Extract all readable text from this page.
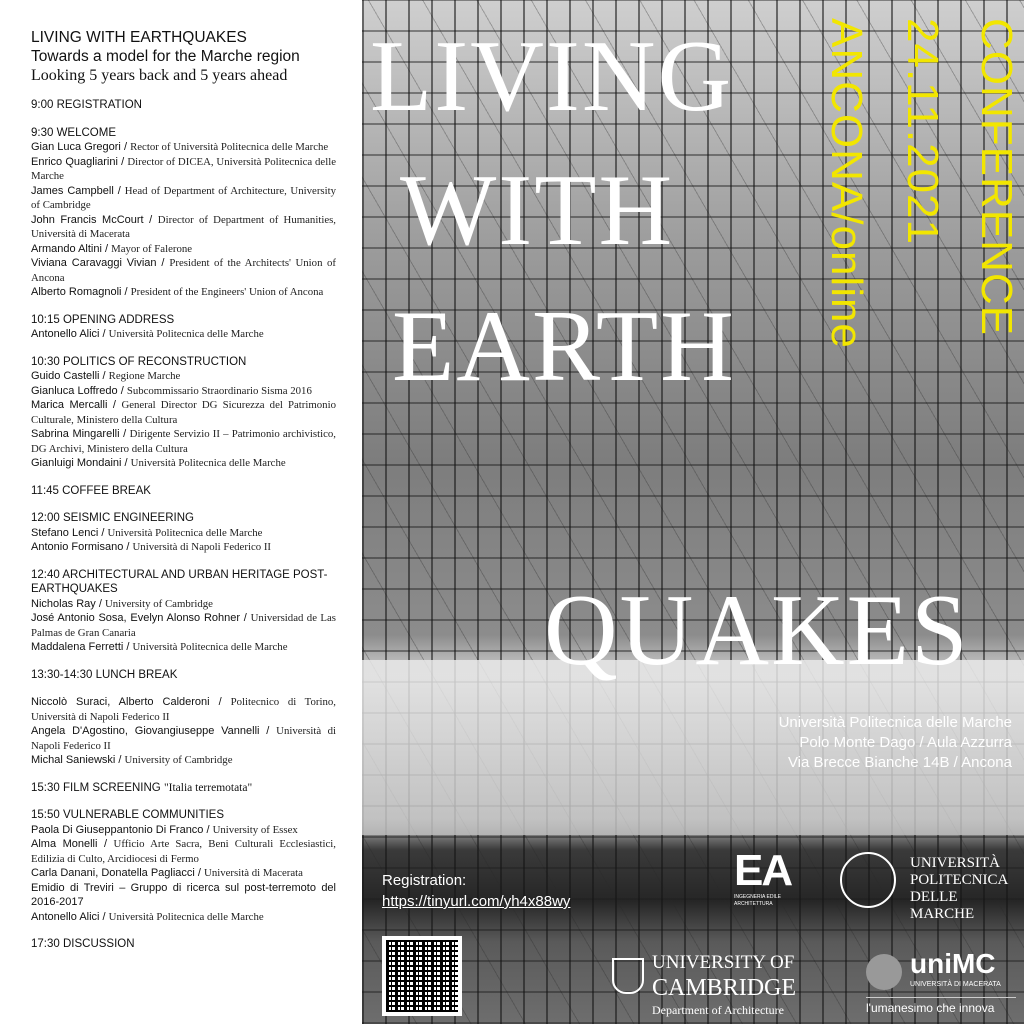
LIVING WITH EARTHQUAKES
Towards a model for the Marche region
Looking 5 years back and 5 years ahead
9:00 REGISTRATION
9:30 WELCOME
Gian Luca Gregori / Rector of Università Politecnica delle Marche
Enrico Quagliarini / Director of DICEA, Università Politecnica delle Marche
James Campbell / Head of Department of Architecture, University of Cambridge
John Francis McCourt / Director of Department of Humanities, Università di Macerata
Armando Altini / Mayor of Falerone
Viviana Caravaggi Vivian / President of the Architects' Union of Ancona
Alberto Romagnoli / President of the Engineers' Union of Ancona
10:15 OPENING ADDRESS
Antonello Alici / Università Politecnica delle Marche
10:30 POLITICS OF RECONSTRUCTION
Guido Castelli / Regione Marche
Gianluca Loffredo / Subcommissario Straordinario Sisma 2016
Marica Mercalli / General Director DG Sicurezza del Patrimonio Culturale, Ministero della Cultura
Sabrina Mingarelli / Dirigente Servizio II – Patrimonio archivistico, DG Archivi, Ministero della Cultura
Gianluigi Mondaini / Università Politecnica delle Marche
11:45 COFFEE BREAK
12:00 SEISMIC ENGINEERING
Stefano Lenci / Università Politecnica delle Marche
Antonio Formisano / Università di Napoli Federico II
12:40 ARCHITECTURAL AND URBAN HERITAGE POST-EARTHQUAKES
Nicholas Ray / University of Cambridge
José Antonio Sosa, Evelyn Alonso Rohner / Universidad de Las Palmas de Gran Canaria
Maddalena Ferretti / Università Politecnica delle Marche
13:30-14:30 LUNCH BREAK
Niccolò Suraci, Alberto Calderoni / Politecnico di Torino, Università di Napoli Federico II
Angela D'Agostino, Giovangiuseppe Vannelli / Università di Napoli Federico II
Michal Saniewski / University of Cambridge
15:30 FILM SCREENING "Italia terremotata"
15:50 VULNERABLE COMMUNITIES
Paola Di Giuseppantonio Di Franco / University of Essex
Alma Monelli / Ufficio Arte Sacra, Beni Culturali Ecclesiastici, Edilizia di Culto, Arcidiocesi di Fermo
Carla Danani, Donatella Pagliacci / Università di Macerata
Emidio di Treviri – Gruppo di ricerca sul post-terremoto del 2016-2017
Antonello Alici / Università Politecnica delle Marche
17:30 DISCUSSION
LIVING
WITH
EARTH
QUAKES
CONFERENCE
24.11.2021
ANCONA/online
Università Politecnica delle Marche
Polo Monte Dago / Aula Azzurra
Via Brecce Bianche 14B / Ancona
Registration:
https://tinyurl.com/yh4x88wy
EA
INGEGNERIA EDILE ARCHITETTURA
UNIVERSITÀ
POLITECNICA
DELLE MARCHE
UNIVERSITY OF
CAMBRIDGE
Department of Architecture
uniMC
UNIVERSITÀ DI MACERATA
l'umanesimo che innova
